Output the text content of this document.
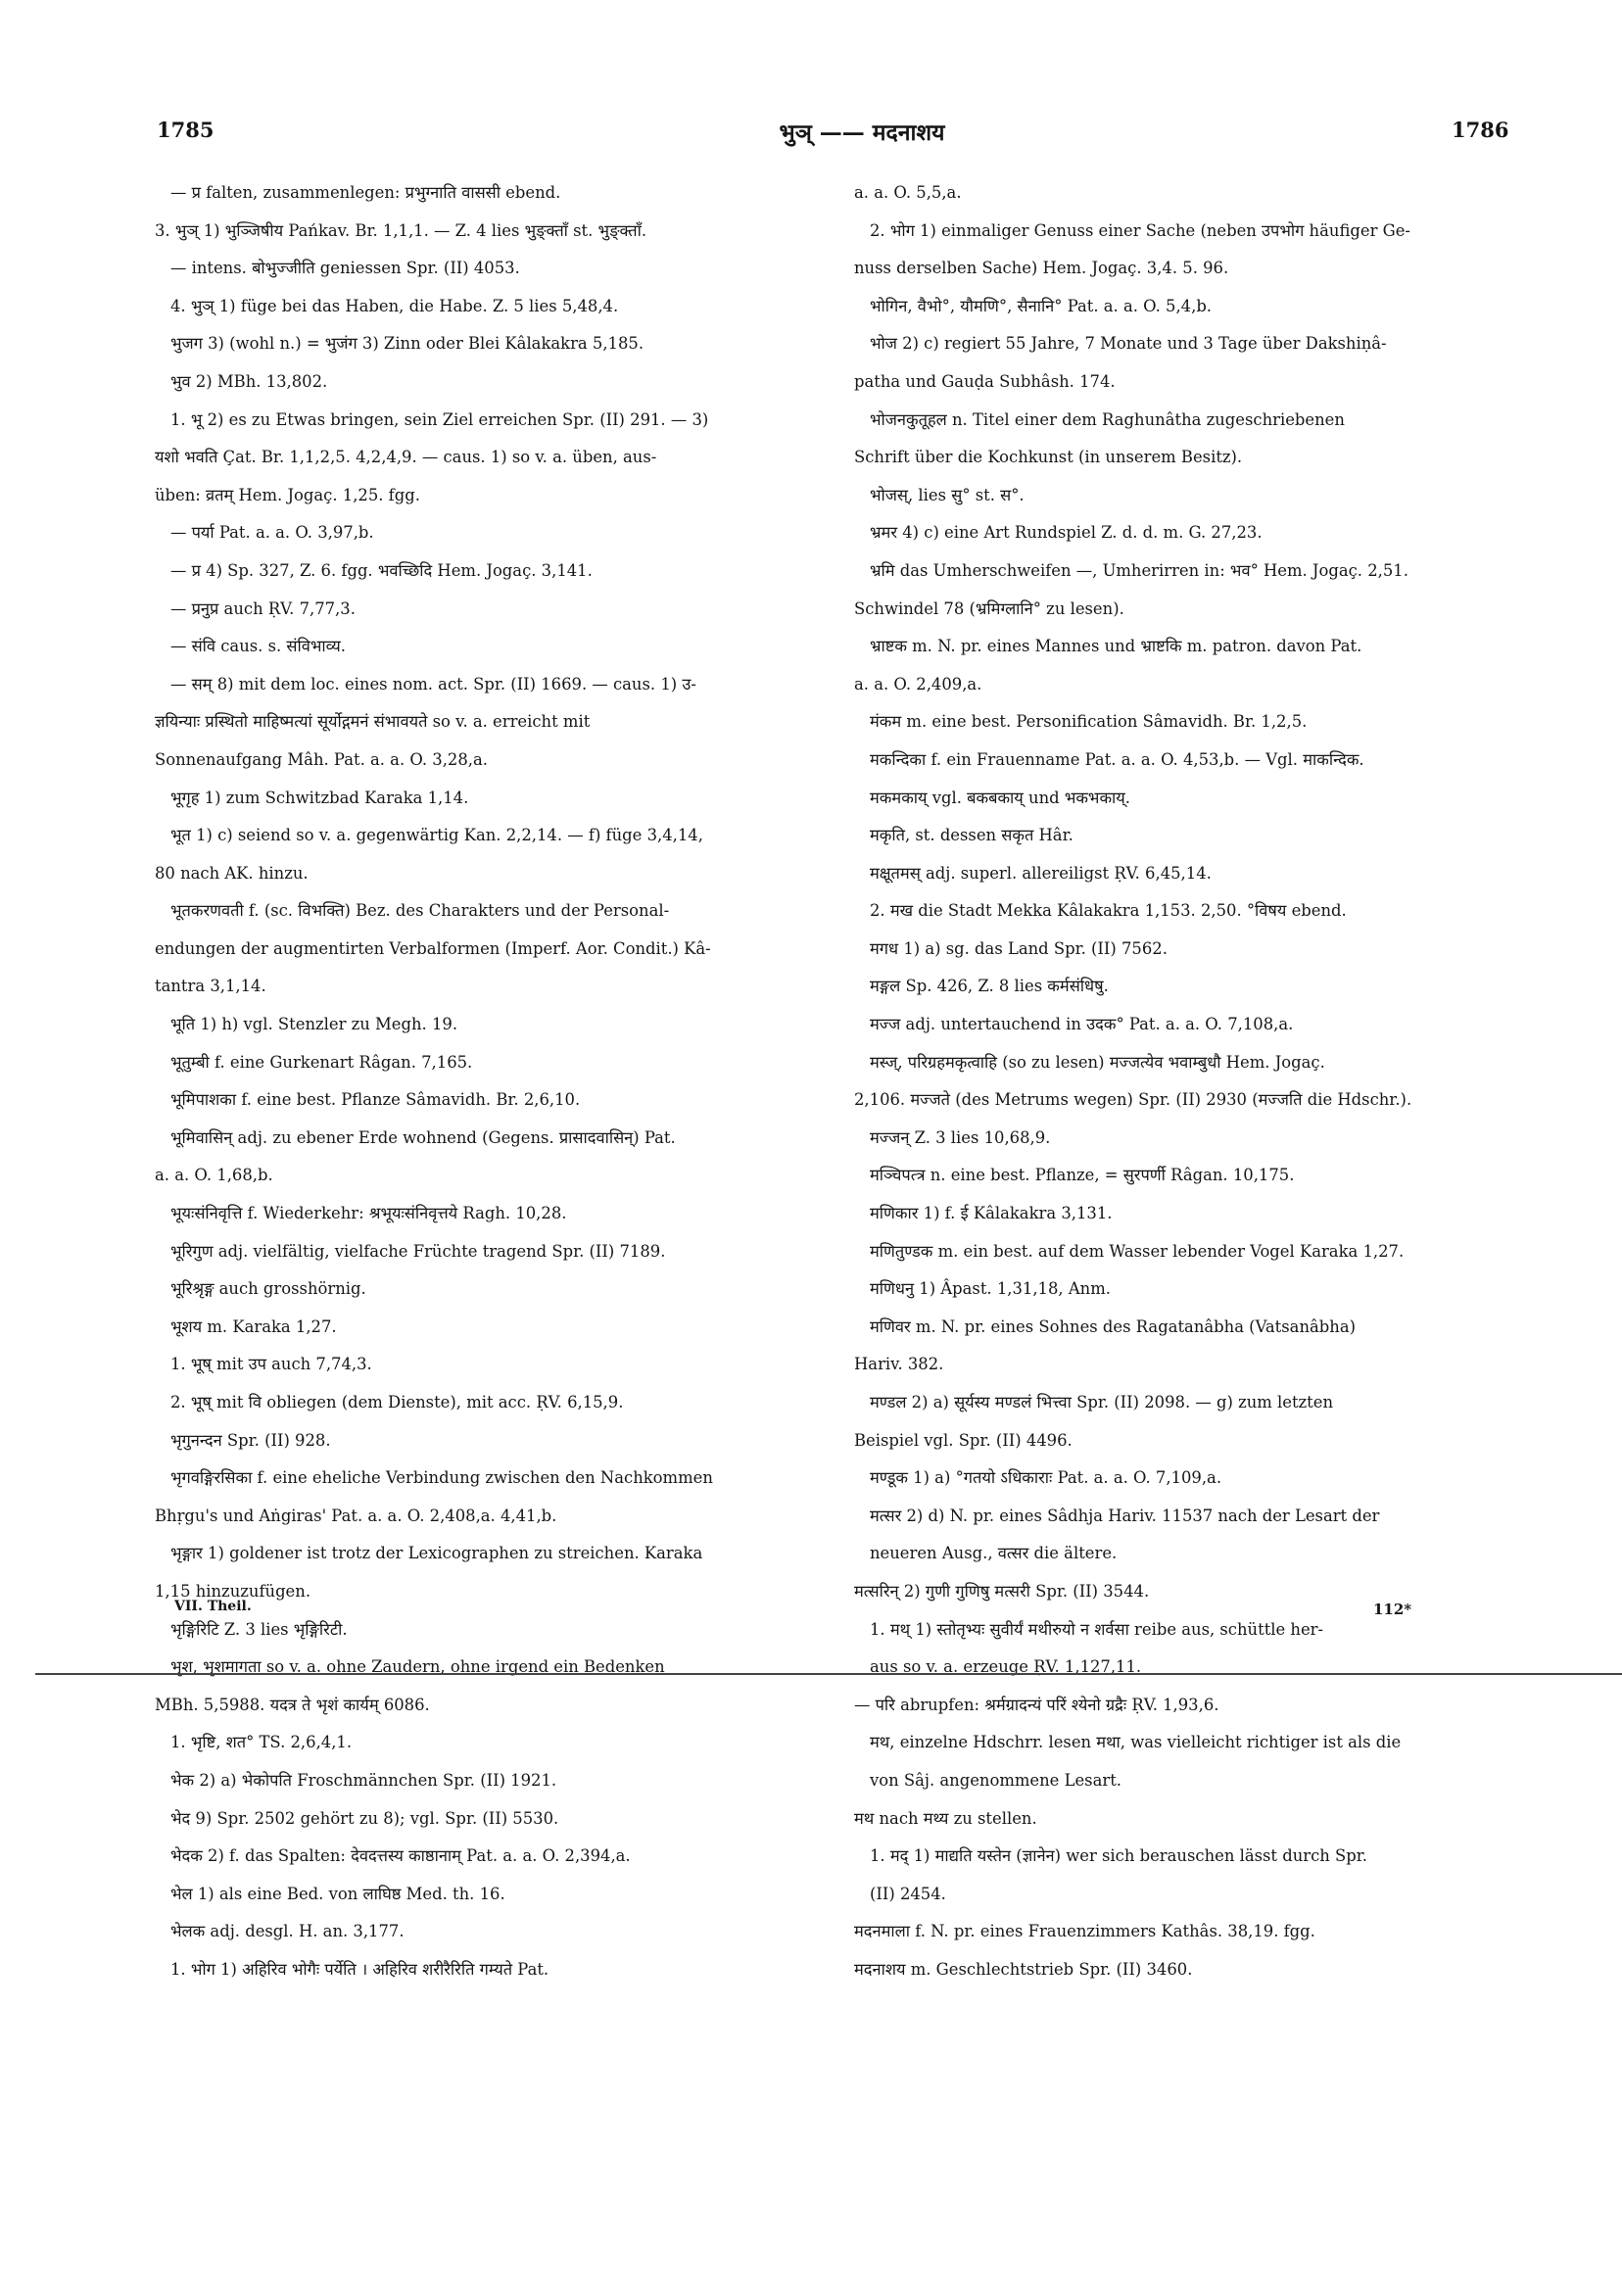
1785	भुञ् —— मदनाशय	1786
— प्र falten, zusammenlegen: प्रभुग्नाति वाससी ebend.
3. भुञ् 1) भुञ्जिषीय Pańkav. Br. 1,1,1. — Z. 4 lies भुङ्क्ताँ st. भुङ्क्ताँ.
— intens. बोभुज्जीति geniessen Spr. (II) 4053.
4. भुञ् 1) füge bei das Haben, die Habe. Z. 5 lies 5,48,4.
भुजग 3) (wohl n.) = भुजंग 3) Zinn oder Blei Kâlakakra 5,185.
भुव 2) MBh. 13,802.
1. भू 2) es zu Etwas bringen, sein Ziel erreichen Spr. (II) 291. — 3)
यशो भवति Çat. Br. 1,1,2,5. 4,2,4,9. — caus. 1) so v. a. üben, aus-
üben: व्रतम् Hem. Jogaç. 1,25. fgg.
— पर्या Pat. a. a. O. 3,97,b.
— प्र 4) Sp. 327, Z. 6. fgg. भवच्छिदि Hem. Jogaç. 3,141.
— प्रनुप्र auch ṚV. 7,77,3.
— संवि caus. s. संविभाव्य.
— सम् 8) mit dem loc. eines nom. act. Spr. (II) 1669. — caus. 1) उ-
ज्ञयिन्याः प्रस्थितो माहिष्मत्यां सूर्योद्गमनं संभावयते so v. a. erreicht mit
Sonnenaufgang Mâh. Pat. a. a. O. 3,28,a.
भूगृह 1) zum Schwitzbad Karaka 1,14.
भूत 1) c) seiend so v. a. gegenwärtig Kan. 2,2,14. — f) füge 3,4,14,
80 nach AK. hinzu.
भूतकरणवती f. (sc. विभक्ति) Bez. des Charakters und der Personal-
endungen der augmentirten Verbalformen (Imperf. Aor. Condit.) Kâ-
tantra 3,1,14.
भूति 1) h) vgl. Stenzler zu Megh. 19.
भूतुम्बी f. eine Gurkenart Râgan. 7,165.
भूमिपाशका f. eine best. Pflanze Sâmavidh. Br. 2,6,10.
भूमिवासिन् adj. zu ebener Erde wohnend (Gegens. प्रासादवासिन्) Pat.
a. a. O. 1,68,b.
भूयःसंनिवृत्ति f. Wiederkehr: श्रभूयःसंनिवृत्तये Ragh. 10,28.
भूरिगुण adj. vielfältig, vielfache Früchte tragend Spr. (II) 7189.
भूरिश्रृङ्ग auch grosshörnig.
भूशय m. Karaka 1,27.
1. भूष् mit उप auch 7,74,3.
2. भूष् mit वि obliegen (dem Dienste), mit acc. ṚV. 6,15,9.
भृगुनन्दन Spr. (II) 928.
भृगवङ्गिरसिका f. eine eheliche Verbindung zwischen den Nachkommen
Bhṛgu's und Aṅgiras' Pat. a. a. O. 2,408,a. 4,41,b.
भृङ्गार 1) goldener ist trotz der Lexicographen zu streichen. Karaka
1,15 hinzuzufügen.
भृङ्गिरिटि Z. 3 lies भृङ्गिरिटी.
भृश, भृशमागता so v. a. ohne Zaudern, ohne irgend ein Bedenken
MBh. 5,5988. यदत्र ते भृशं कार्यम् 6086.
1. भृष्टि, शत° TS. 2,6,4,1.
भेक 2) a) भेकोपति Froschmännchen Spr. (II) 1921.
भेद 9) Spr. 2502 gehört zu 8); vgl. Spr. (II) 5530.
भेदक 2) f. das Spalten: देवदत्तस्य काष्ठानाम् Pat. a. a. O. 2,394,a.
भेल 1) als eine Bed. von लाघिष्ठ Med. th. 16.
भेलक adj. desgl. H. an. 3,177.
1. भोग 1) अहिरिव भोगैः पर्येति । अहिरिव शरीरैरिति गम्यते Pat.
a. a. O. 5,5,a.
2. भोग 1) einmaliger Genuss einer Sache (neben उपभोग häufiger Ge-
nuss derselben Sache) Hem. Jogaç. 3,4. 5. 96.
भोगिन, वैभो°, यौमणि°, सैनानि° Pat. a. a. O. 5,4,b.
भोज 2) c) regiert 55 Jahre, 7 Monate und 3 Tage über Dakshiṇâ-
patha und Gauḍa Subhâsh. 174.
भोजनकुतूहल n. Titel einer dem Raghunâtha zugeschriebenen
Schrift über die Kochkunst (in unserem Besitz).
भोजस्, lies सु° st. स°.
भ्रमर 4) c) eine Art Rundspiel Z. d. d. m. G. 27,23.
भ्रमि das Umherschweifen —, Umherirren in: भव° Hem. Jogaç. 2,51.
Schwindel 78 (भ्रमिग्लानि° zu lesen).
भ्राष्टक m. N. pr. eines Mannes und भ्राष्टकि m. patron. davon Pat.
a. a. O. 2,409,a.
मंकम m. eine best. Personification Sâmavidh. Br. 1,2,5.
मकन्दिका f. ein Frauenname Pat. a. a. O. 4,53,b. — Vgl. माकन्दिक.
मकमकाय् vgl. बकबकाय् und भकभकाय्.
मकृति, st. dessen सकृत Hâr.
मक्षूतमस् adj. superl. allereiligst ṚV. 6,45,14.
2. मख die Stadt Mekka Kâlakakra 1,153. 2,50. °विषय ebend.
मगध 1) a) sg. das Land Spr. (II) 7562.
मङ्गल Sp. 426, Z. 8 lies कर्मसंधिषु.
मज्ज adj. untertauchend in उदक° Pat. a. a. O. 7,108,a.
मस्ज्, परिग्रहमकृत्वाहि (so zu lesen) मज्जत्येव भवाम्बुधौ Hem. Jogaç.
2,106. मज्जते (des Metrums wegen) Spr. (II) 2930 (मज्जति die Hdschr.).
मज्जन् Z. 3 lies 10,68,9.
मञ्चिपत्त्र n. eine best. Pflanze, = सुरपर्णी Râgan. 10,175.
मणिकार 1) f. ई Kâlakakra 3,131.
मणितुण्डक m. ein best. auf dem Wasser lebender Vogel Karaka 1,27.
मणिधनु 1) Âpast. 1,31,18, Anm.
मणिवर m. N. pr. eines Sohnes des Ragatanâbha (Vatsanâbha)
Hariv. 382.
मण्डल 2) a) सूर्यस्य मण्डलं भित्त्वा Spr. (II) 2098. — g) zum letzten
Beispiel vgl. Spr. (II) 4496.
मण्डूक 1) a) °गतयो ऽधिकाराः Pat. a. a. O. 7,109,a.
मत्सर 2) d) N. pr. eines Sâdhja Hariv. 11537 nach der Lesart der
neueren Ausg., वत्सर die ältere.
मत्सरिन् 2) गुणी गुणिषु मत्सरी Spr. (II) 3544.
1. मथ् 1) स्तोतृभ्यः सुवीर्यं मथीरुयो न शर्वसा reibe aus, schüttle her-
aus so v. a. erzeuge ṚV. 1,127,11.
— परि abrupfen: श्रर्मग्रादन्यं परिं श्येनो ग्रद्रैः ṚV. 1,93,6.
मथ, einzelne Hdschrr. lesen मथा, was vielleicht richtiger ist als die
von Sâj. angenommene Lesart.
मथ nach मथ्य zu stellen.
1. मद् 1) माद्यति यस्तेन (ज्ञानेन) wer sich berauschen lässt durch Spr.
(II) 2454.
मदनमाला f. N. pr. eines Frauenzimmers Kathâs. 38,19. fgg.
मदनाशय m. Geschlechtstrieb Spr. (II) 3460.
VII. Theil.	112*
